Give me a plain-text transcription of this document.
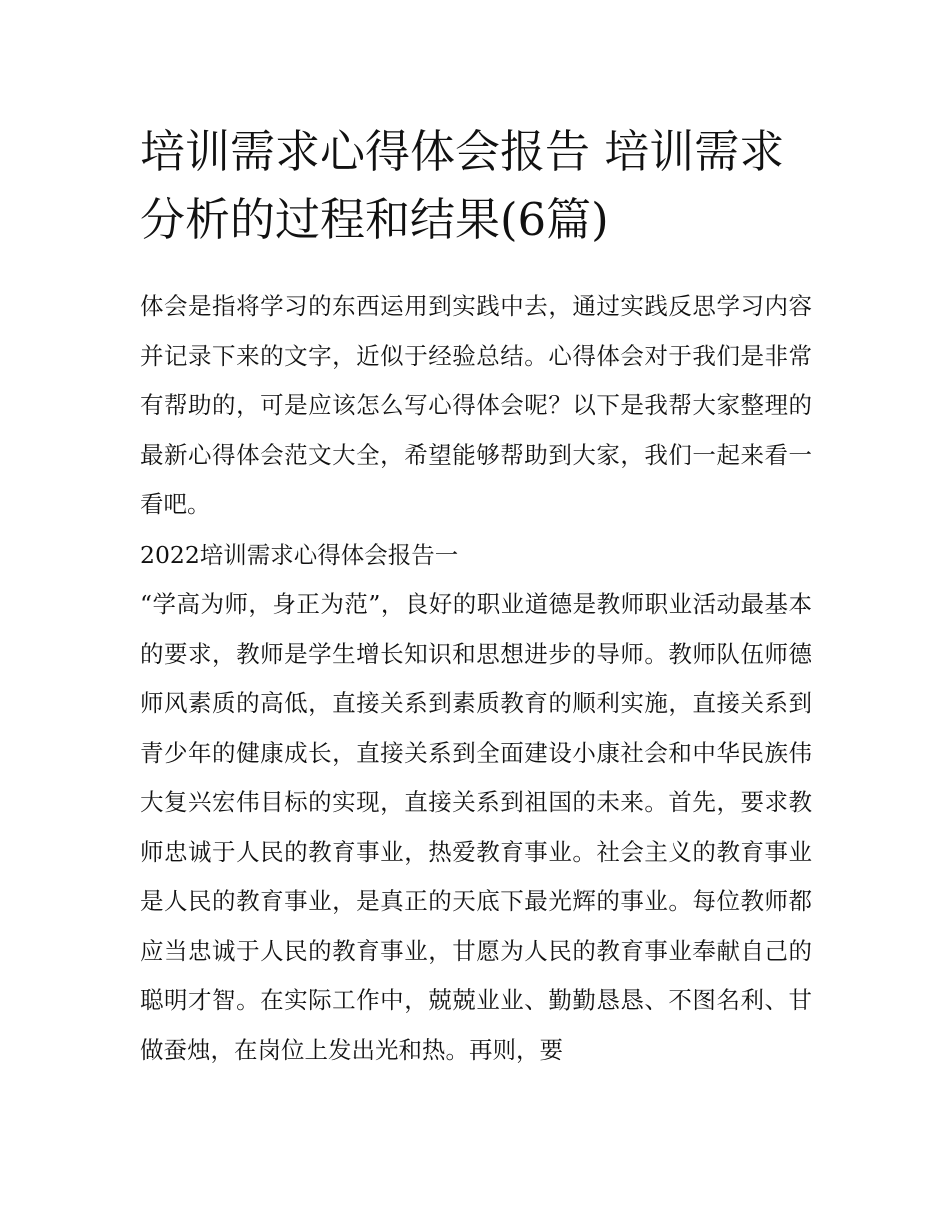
培训需求心得体会报告 培训需求分析的过程和结果(6篇)

体会是指将学习的东西运用到实践中去，通过实践反思学习内容并记录下来的文字，近似于经验总结。心得体会对于我们是非常有帮助的，可是应该怎么写心得体会呢？以下是我帮大家整理的最新心得体会范文大全，希望能够帮助到大家，我们一起来看一看吧。

2022培训需求心得体会报告一

“学高为师，身正为范”，良好的职业道德是教师职业活动最基本的要求，教师是学生增长知识和思想进步的导师。教师队伍师德师风素质的高低，直接关系到素质教育的顺利实施，直接关系到青少年的健康成长，直接关系到全面建设小康社会和中华民族伟大复兴宏伟目标的实现，直接关系到祖国的未来。首先，要求教师忠诚于人民的教育事业，热爱教育事业。社会主义的教育事业是人民的教育事业，是真正的天底下最光辉的事业。每位教师都应当忠诚于人民的教育事业，甘愿为人民的教育事业奉献自己的聪明才智。在实际工作中，兢兢业业、勤勤恳恳、不图名利、甘做蚕烛，在岗位上发出光和热。再则，要
